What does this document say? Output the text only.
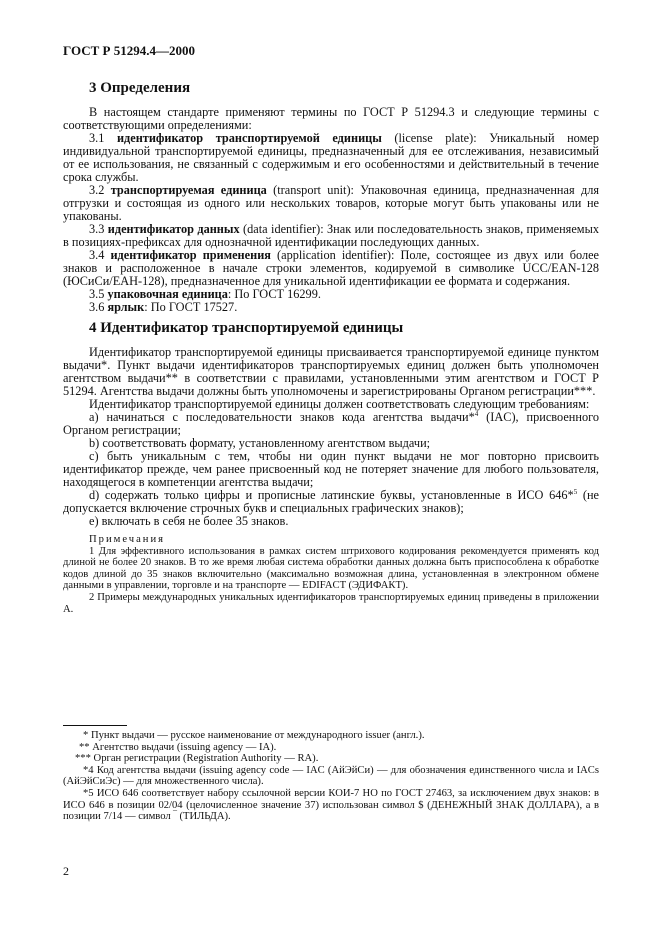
ГОСТ Р 51294.4—2000
3 Определения

В настоящем стандарте применяют термины по ГОСТ Р 51294.3 и следующие термины с соответствующими определениями:

3.1 идентификатор транспортируемой единицы (license plate): Уникальный номер индивидуальной транспортируемой единицы, предназначенный для ее отслеживания, независимый от ее использования, не связанный с содержимым и его особенностями и действительный в течение срока службы.

3.2 транспортируемая единица (transport unit): Упаковочная единица, предназначенная для отгрузки и состоящая из одного или нескольких товаров, которые могут быть упакованы или не упакованы.

3.3 идентификатор данных (data identifier): Знак или последовательность знаков, применяемых в позициях-префиксах для однозначной идентификации последующих данных.

3.4 идентификатор применения (application identifier): Поле, состоящее из двух или более знаков и расположенное в начале строки элементов, кодируемой в символике UCC/EAN-128 (ЮСиСи/ЕАН-128), предназначенное для уникальной идентификации ее формата и содержания.

3.5 упаковочная единица: По ГОСТ 16299.

3.6 ярлык: По ГОСТ 17527.

4 Идентификатор транспортируемой единицы

Идентификатор транспортируемой единицы присваивается транспортируемой единице пунктом выдачи*. Пункт выдачи идентификаторов транспортируемых единиц должен быть уполномочен агентством выдачи** в соответствии с правилами, установленными этим агентством и ГОСТ Р 51294. Агентства выдачи должны быть уполномочены и зарегистрированы Органом регистрации***.

Идентификатор транспортируемой единицы должен соответствовать следующим требованиям:

a) начинаться с последовательности знаков кода агентства выдачи*$^4$ (IAC), присвоенного Органом регистрации;

b) соответствовать формату, установленному агентством выдачи;

c) быть уникальным с тем, чтобы ни один пункт выдачи не мог повторно присвоить идентификатор прежде, чем ранее присвоенный код не потеряет значение для любого пользователя, находящегося в компетенции агентства выдачи;

d) содержать только цифры и прописные латинские буквы, установленные в ИСО 646*$^5$ (не допускается включение строчных букв и специальных графических знаков);

e) включать в себя не более 35 знаков.

Примечания

1 Для эффективного использования в рамках систем штрихового кодирования рекомендуется применять код длиной не более 20 знаков. В то же время любая система обработки данных должна быть приспособлена к обработке кодов длиной до 35 знаков включительно (максимально возможная длина, установленная в электронном обмене данными в управлении, торговле и на транспорте — EDIFACT (ЭДИФАКТ).

2 Примеры международных уникальных идентификаторов транспортируемых единиц приведены в приложении А.

* Пункт выдачи — русское наименование от международного issuer (англ.).

** Агентство выдачи (issuing agency — IA).

*** Орган регистрации (Registration Authority — RA).

*4 Код агентства выдачи (issuing agency code — IAC (АйЭйСи) — для обозначения единственного числа и IACs (АйЭйСиЭс) — для множественного числа).

*5 ИСО 646 соответствует набору ссылочной версии КОИ-7 НО по ГОСТ 27463, за исключением двух знаков: в ИСО 646 в позиции 02/04 (целочисленное значение 37) использован символ $ (ДЕНЕЖНЫЙ ЗНАК ДОЛЛАРА), а в позиции 7/14 — символ ‾ (ТИЛЬДА).

2
